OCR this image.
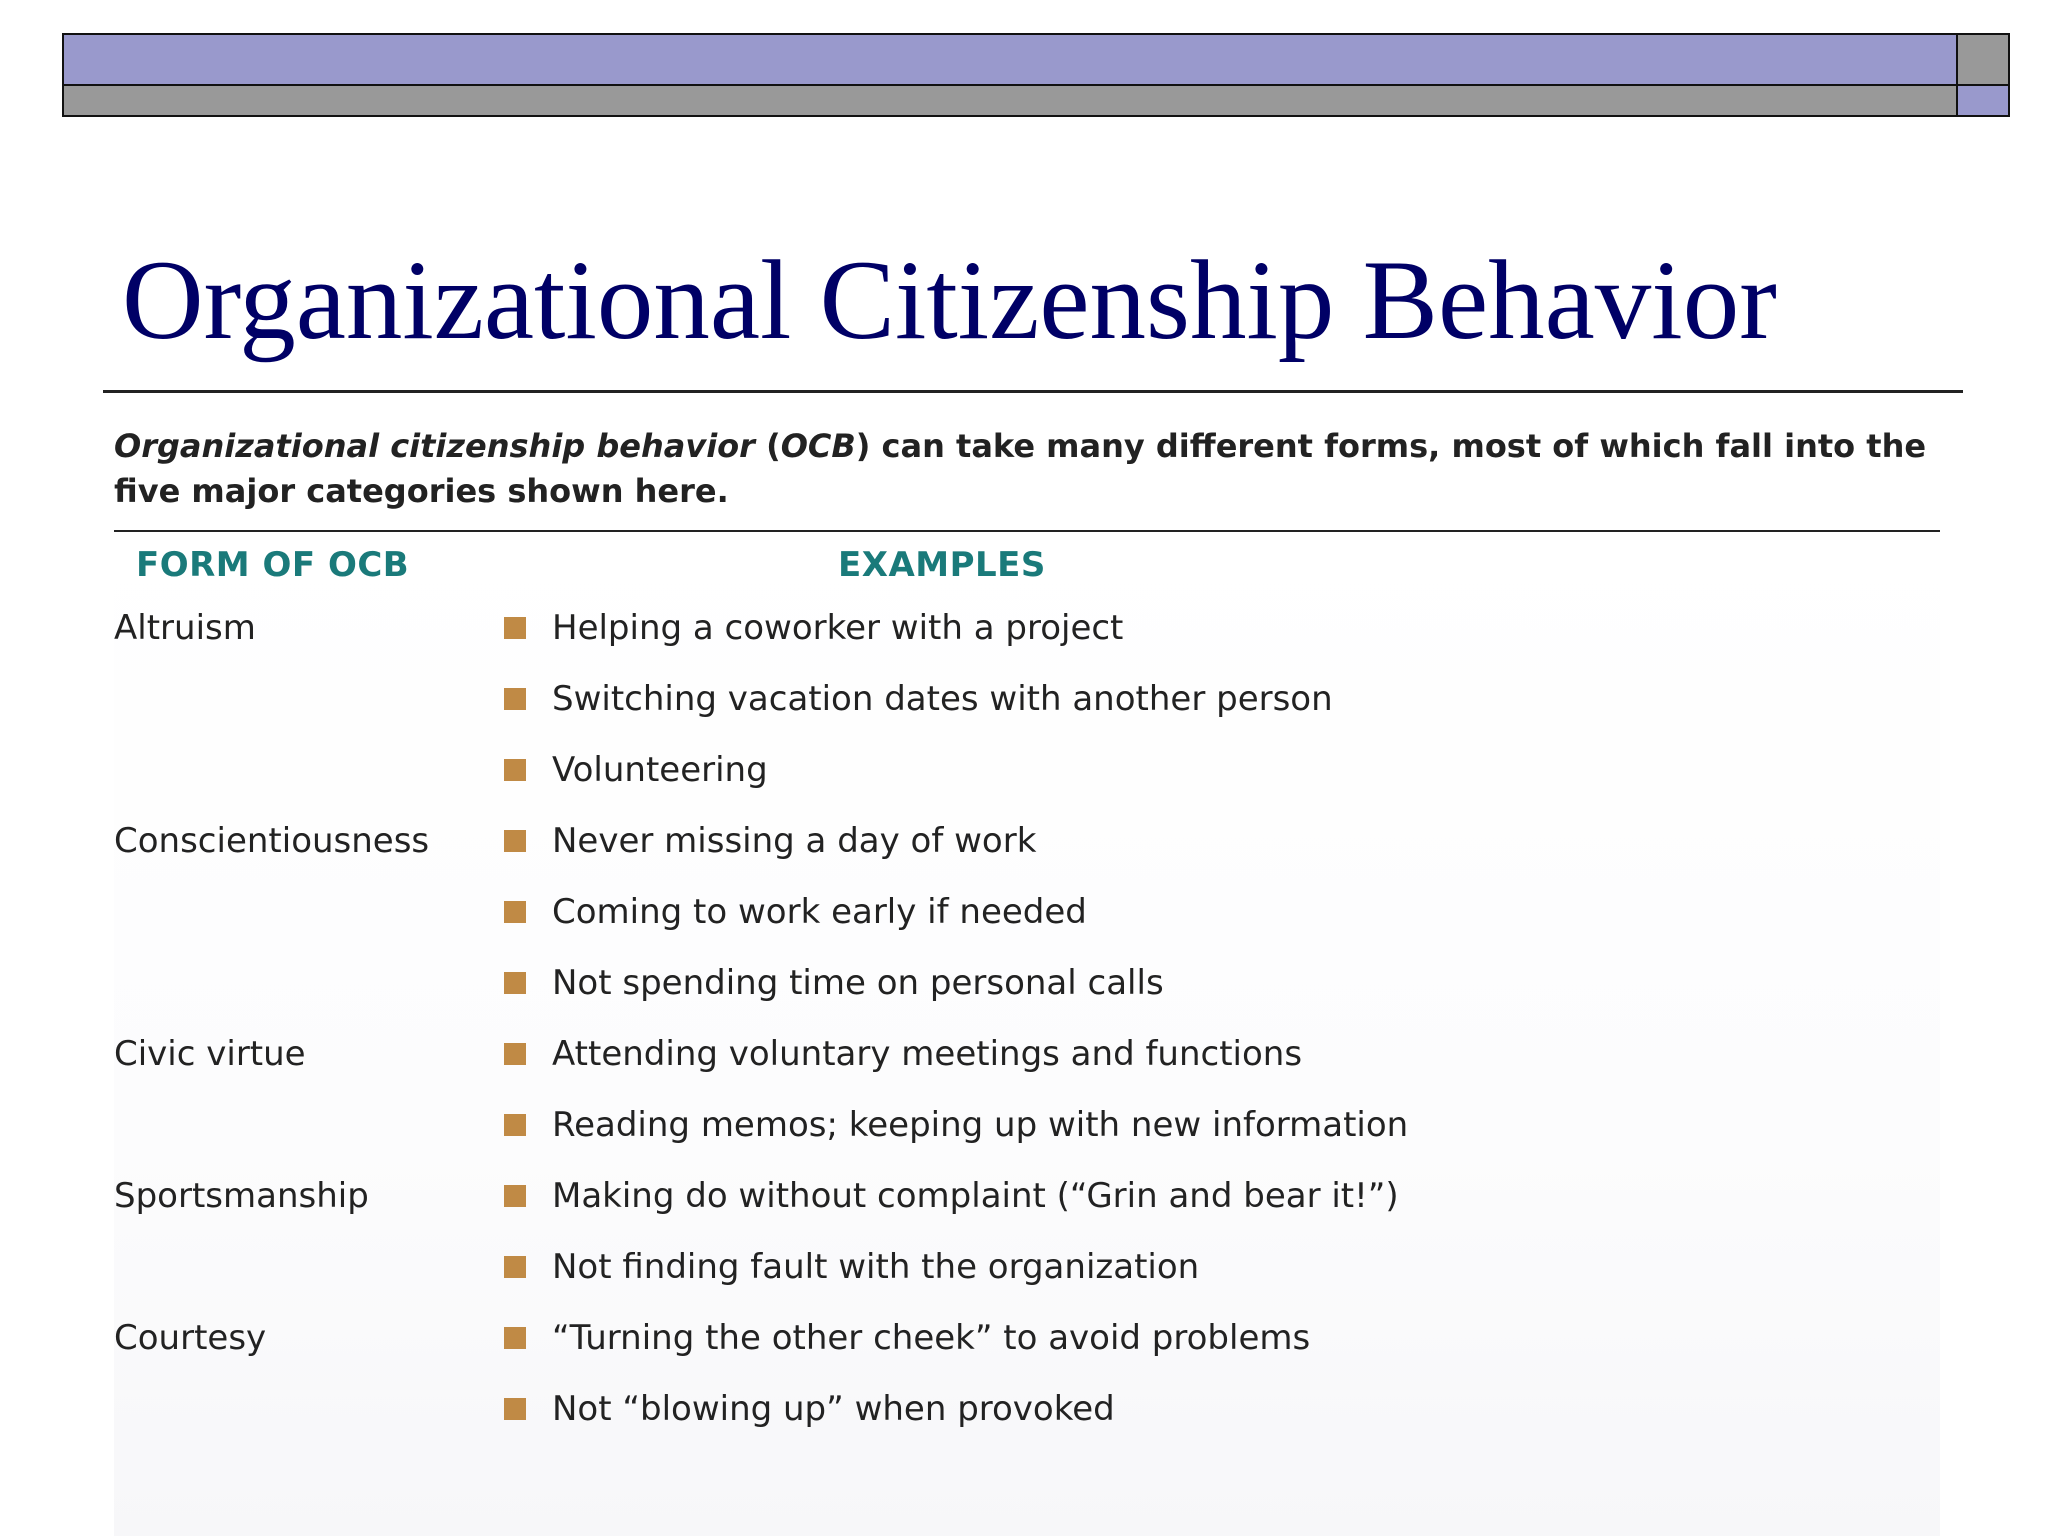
Organizational Citizenship Behavior

Organizational citizenship behavior (OCB) can take many different forms, most of which fall into the five major categories shown here.

FORM OF OCB	EXAMPLES
Altruism	Helping a coworker with a project
Switching vacation dates with another person
Volunteering
Conscientiousness	Never missing a day of work
Coming to work early if needed
Not spending time on personal calls
Civic virtue	Attending voluntary meetings and functions
Reading memos; keeping up with new information
Sportsmanship	Making do without complaint (“Grin and bear it!”)
Not finding fault with the organization
Courtesy	“Turning the other cheek” to avoid problems
Not “blowing up” when provoked
